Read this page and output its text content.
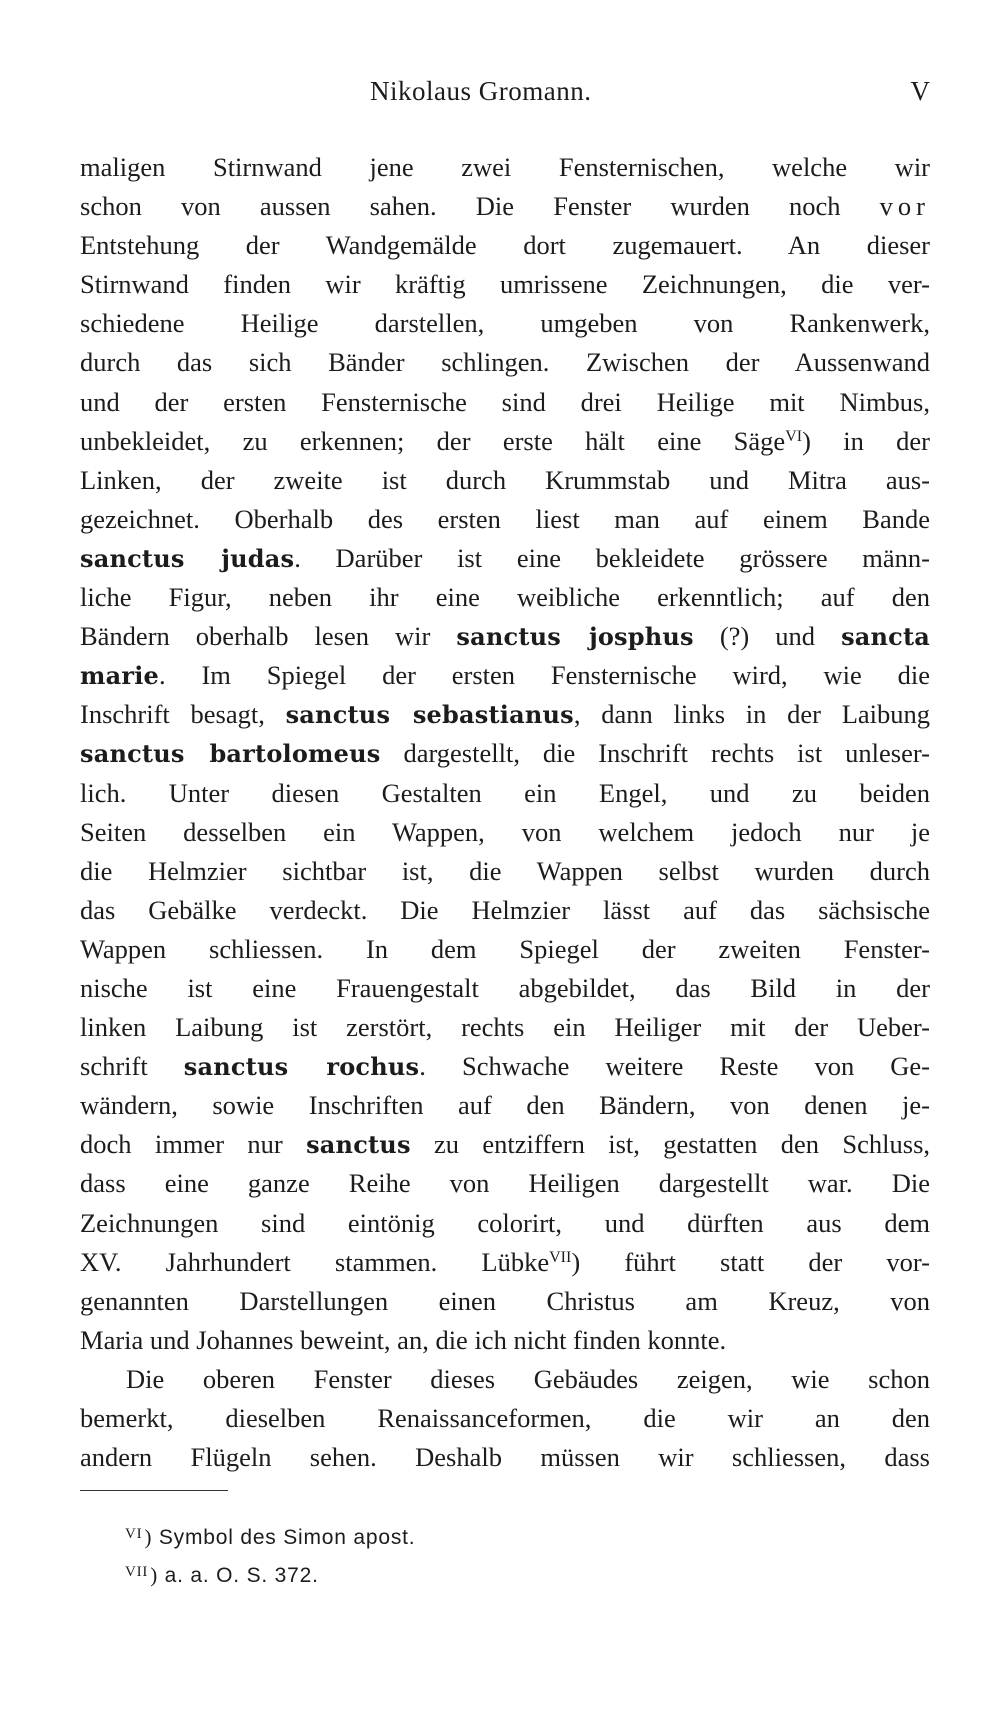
Nikolaus Gromann.	V
maligen Stirnwand jene zwei Fensternischen, welche wir
schon von aussen sahen. Die Fenster wurden noch vor
Entstehung der Wandgemälde dort zugemauert. An dieser
Stirnwand finden wir kräftig umrissene Zeichnungen, die ver-
schiedene Heilige darstellen, umgeben von Rankenwerk,
durch das sich Bänder schlingen. Zwischen der Aussenwand
und der ersten Fensternische sind drei Heilige mit Nimbus,
unbekleidet, zu erkennen; der erste hält eine Säge$^{VI}$) in der
Linken, der zweite ist durch Krummstab und Mitra aus-
gezeichnet. Oberhalb des ersten liest man auf einem Bande
sanctus judas. Darüber ist eine bekleidete grössere männ-
liche Figur, neben ihr eine weibliche erkenntlich; auf den
Bändern oberhalb lesen wir sanctus josphus (?) und sancta
marie. Im Spiegel der ersten Fensternische wird, wie die
Inschrift besagt, sanctus sebastianus, dann links in der Laibung
sanctus bartolomeus dargestellt, die Inschrift rechts ist unleser-
lich. Unter diesen Gestalten ein Engel, und zu beiden
Seiten desselben ein Wappen, von welchem jedoch nur je
die Helmzier sichtbar ist, die Wappen selbst wurden durch
das Gebälke verdeckt. Die Helmzier lässt auf das sächsische
Wappen schliessen. In dem Spiegel der zweiten Fenster-
nische ist eine Frauengestalt abgebildet, das Bild in der
linken Laibung ist zerstört, rechts ein Heiliger mit der Ueber-
schrift sanctus rochus. Schwache weitere Reste von Ge-
wändern, sowie Inschriften auf den Bändern, von denen je-
doch immer nur sanctus zu entziffern ist, gestatten den Schluss,
dass eine ganze Reihe von Heiligen dargestellt war. Die
Zeichnungen sind eintönig colorirt, und dürften aus dem
XV. Jahrhundert stammen. Lübke$^{VII}$) führt statt der vor-
genannten Darstellungen einen Christus am Kreuz, von
Maria und Johannes beweint, an, die ich nicht finden konnte.
Die oberen Fenster dieses Gebäudes zeigen, wie schon
bemerkt, dieselben Renaissanceformen, die wir an den
andern Flügeln sehen. Deshalb müssen wir schliessen, dass
$^{VI}$) Symbol des Simon apost.
$^{VII}$) a. a. O. S. 372.
